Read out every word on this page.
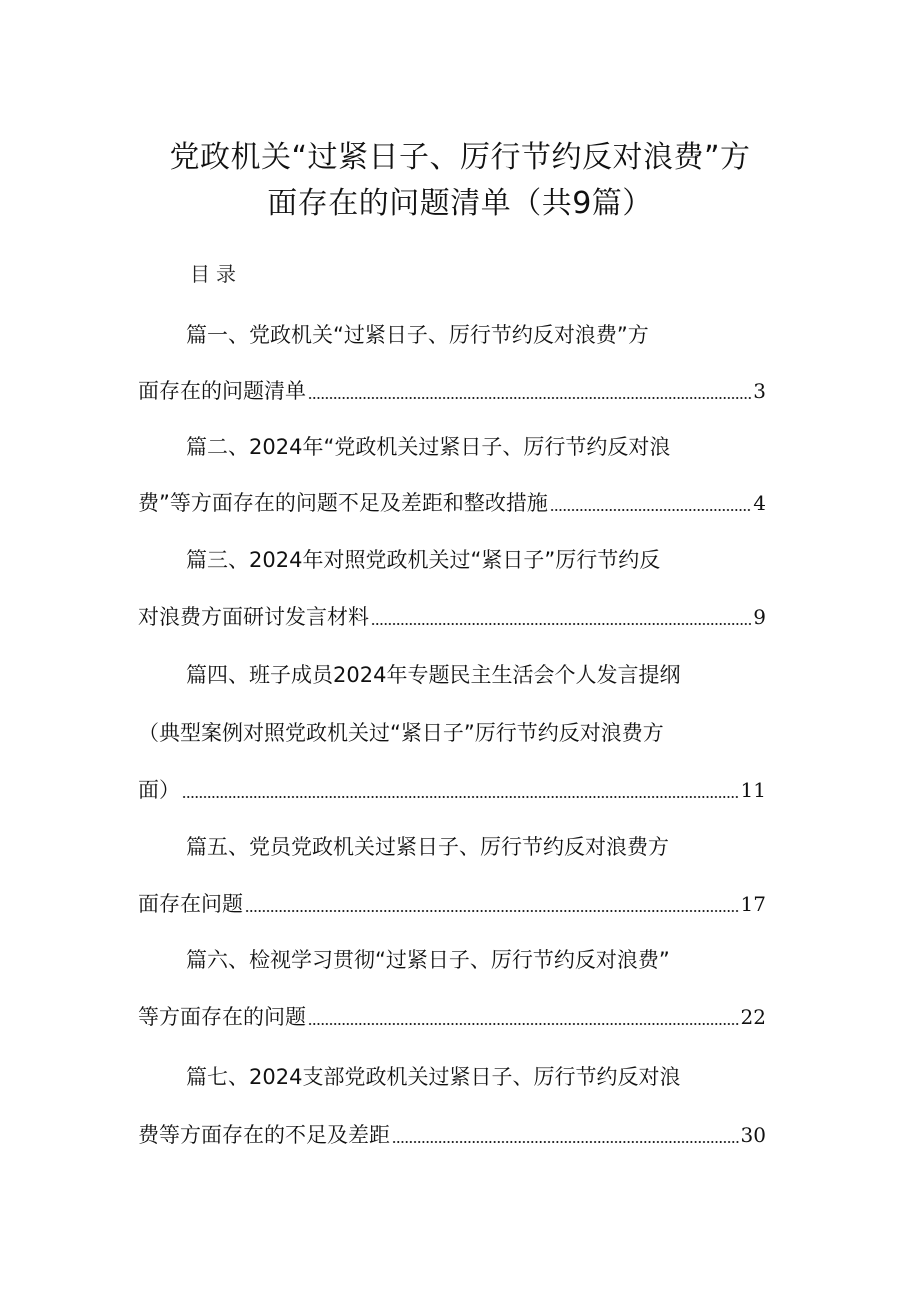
党政机关“过紧日子、厉行节约反对浪费”方
面存在的问题清单（共9篇）
目录
篇一、党政机关“过紧日子、厉行节约反对浪费”方
面存在的问题清单	3
篇二、2024年“党政机关过紧日子、厉行节约反对浪
费”等方面存在的问题不足及差距和整改措施	4
篇三、2024年对照党政机关过“紧日子”厉行节约反
对浪费方面研讨发言材料	9
篇四、班子成员2024年专题民主生活会个人发言提纲
（典型案例对照党政机关过“紧日子”厉行节约反对浪费方
面）	11
篇五、党员党政机关过紧日子、厉行节约反对浪费方
面存在问题	17
篇六、检视学习贯彻“过紧日子、厉行节约反对浪费”
等方面存在的问题	22
篇七、2024支部党政机关过紧日子、厉行节约反对浪
费等方面存在的不足及差距	30
